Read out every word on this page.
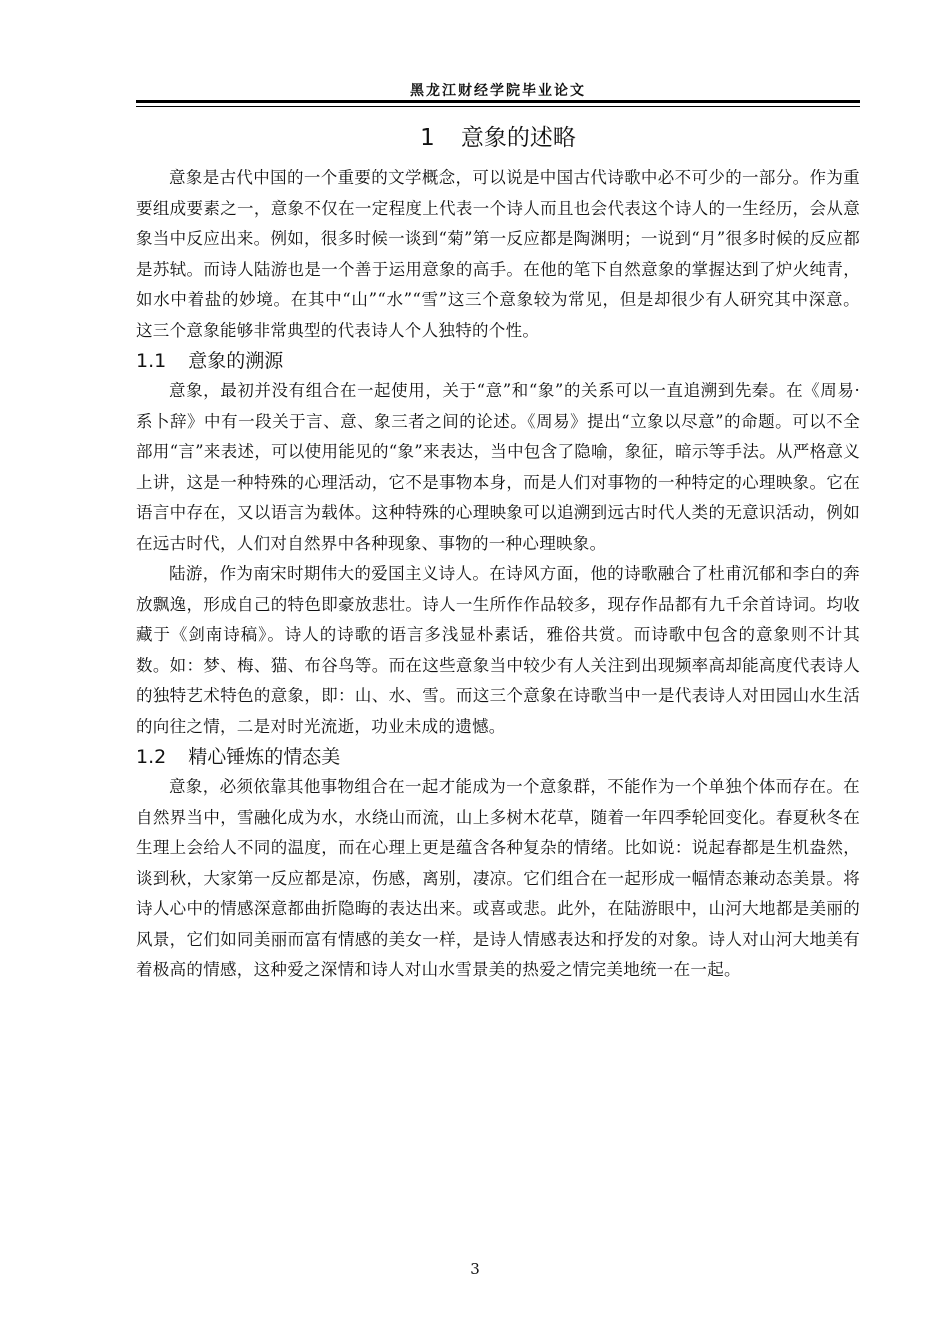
黑龙江财经学院毕业论文
1 意象的述略

意象是古代中国的一个重要的文学概念，可以说是中国古代诗歌中必不可少的一部分。作为重要组成要素之一，意象不仅在一定程度上代表一个诗人而且也会代表这个诗人的一生经历，会从意象当中反应出来。例如，很多时候一谈到“菊”第一反应都是陶渊明；一说到“月”很多时候的反应都是苏轼。而诗人陆游也是一个善于运用意象的高手。在他的笔下自然意象的掌握达到了炉火纯青，如水中着盐的妙境。在其中“山”“水”“雪”这三个意象较为常见，但是却很少有人研究其中深意。这三个意象能够非常典型的代表诗人个人独特的个性。

1.1 意象的溯源

意象，最初并没有组合在一起使用，关于“意”和“象”的关系可以一直追溯到先秦。在《周易·系卜辞》中有一段关于言、意、象三者之间的论述。《周易》提出“立象以尽意”的命题。可以不全部用“言”来表述，可以使用能见的“象”来表达，当中包含了隐喻，象征，暗示等手法。从严格意义上讲，这是一种特殊的心理活动，它不是事物本身，而是人们对事物的一种特定的心理映象。它在语言中存在，又以语言为载体。这种特殊的心理映象可以追溯到远古时代人类的无意识活动，例如在远古时代，人们对自然界中各种现象、事物的一种心理映象。

陆游，作为南宋时期伟大的爱国主义诗人。在诗风方面，他的诗歌融合了杜甫沉郁和李白的奔放飘逸，形成自己的特色即豪放悲壮。诗人一生所作作品较多，现存作品都有九千余首诗词。均收藏于《剑南诗稿》。诗人的诗歌的语言多浅显朴素话，雅俗共赏。而诗歌中包含的意象则不计其数。如：梦、梅、猫、布谷鸟等。而在这些意象当中较少有人关注到出现频率高却能高度代表诗人的独特艺术特色的意象，即：山、水、雪。而这三个意象在诗歌当中一是代表诗人对田园山水生活的向往之情，二是对时光流逝，功业未成的遗憾。

1.2 精心锤炼的情态美

意象，必须依靠其他事物组合在一起才能成为一个意象群，不能作为一个单独个体而存在。在自然界当中，雪融化成为水，水绕山而流，山上多树木花草，随着一年四季轮回变化。春夏秋冬在生理上会给人不同的温度，而在心理上更是蕴含各种复杂的情绪。比如说：说起春都是生机盎然，谈到秋，大家第一反应都是凉，伤感，离别，凄凉。它们组合在一起形成一幅情态兼动态美景。将诗人心中的情感深意都曲折隐晦的表达出来。或喜或悲。此外，在陆游眼中，山河大地都是美丽的风景，它们如同美丽而富有情感的美女一样，是诗人情感表达和抒发的对象。诗人对山河大地美有着极高的情感，这种爱之深情和诗人对山水雪景美的热爱之情完美地统一在一起。

3
